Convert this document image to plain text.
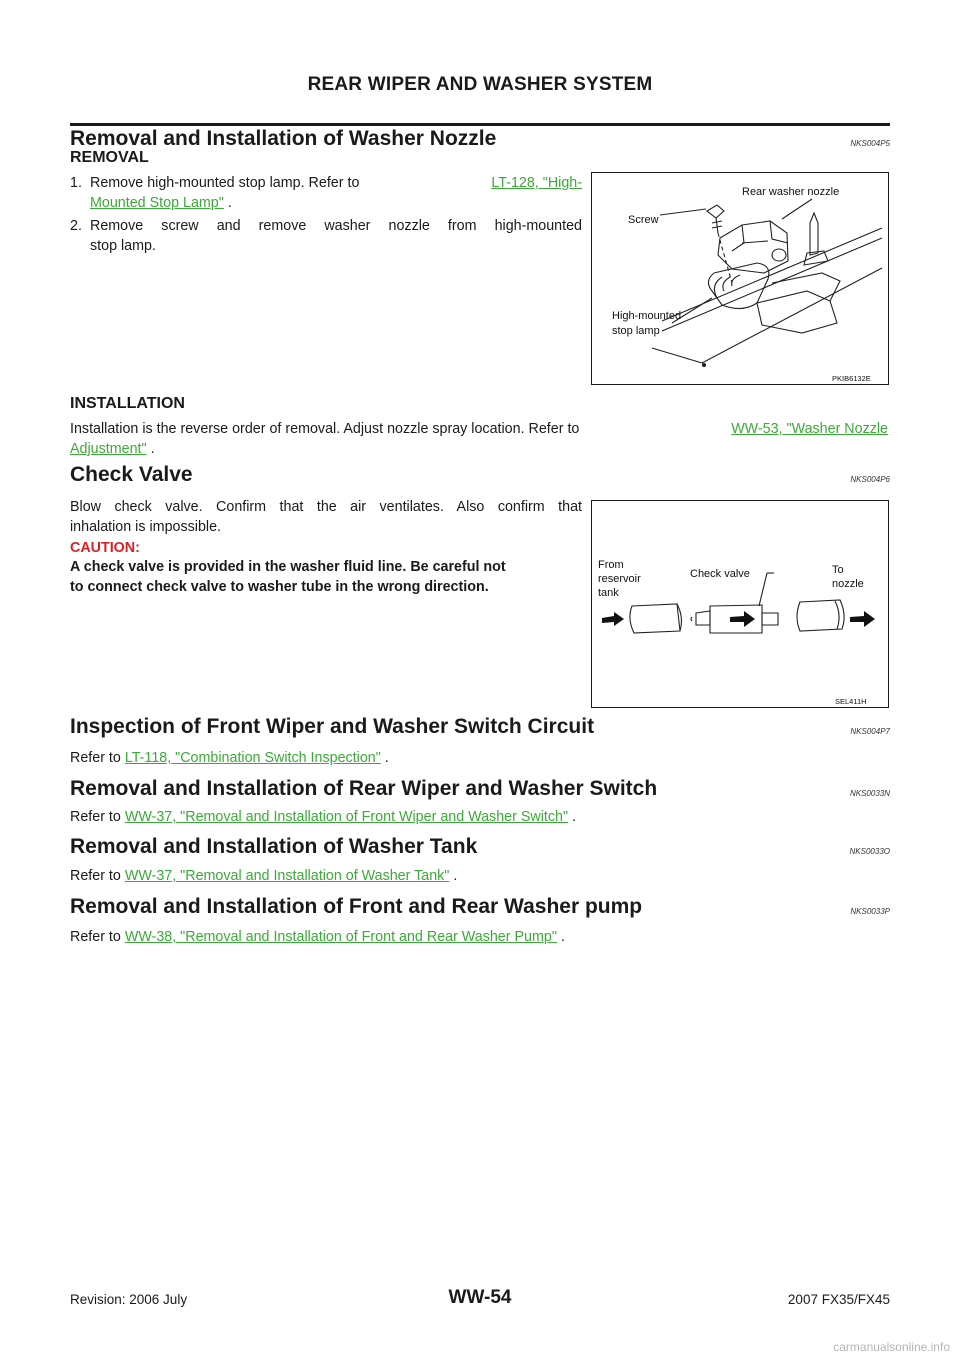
REAR WIPER AND WASHER SYSTEM
Removal and Installation of Washer Nozzle	NKS004P5
REMOVAL
1. Remove high-mounted stop lamp. Refer to	LT-128, "High-
Mounted Stop Lamp" .
2. Remove screw and remove washer nozzle from high-mounted
stop lamp.
Rear washer nozzle
Screw
High-mounted
stop lamp
PKIB6132E
INSTALLATION
Installation is the reverse order of removal. Adjust nozzle spray location. Refer to	WW-53, "Washer Nozzle
Adjustment" .
Check Valve	NKS004P6
Blow check valve. Confirm that the air ventilates. Also confirm that
inhalation is impossible.
CAUTION:
A check valve is provided in the washer fluid line. Be careful not
to connect check valve to washer tube in the wrong direction.
From
reservoir
tank
Check valve	To
nozzle
SEL411H
Inspection of Front Wiper and Washer Switch Circuit	NKS004P7
Refer to LT-118, "Combination Switch Inspection" .
Removal and Installation of Rear Wiper and Washer Switch	NKS0033N
Refer to WW-37, "Removal and Installation of Front Wiper and Washer Switch" .
Removal and Installation of Washer Tank	NKS0033O
Refer to WW-37, "Removal and Installation of Washer Tank" .
Removal and Installation of Front and Rear Washer pump	NKS0033P
Refer to WW-38, "Removal and Installation of Front and Rear Washer Pump" .
WW-54
Revision: 2006 July	2007 FX35/FX45
carmanualsonline.info
